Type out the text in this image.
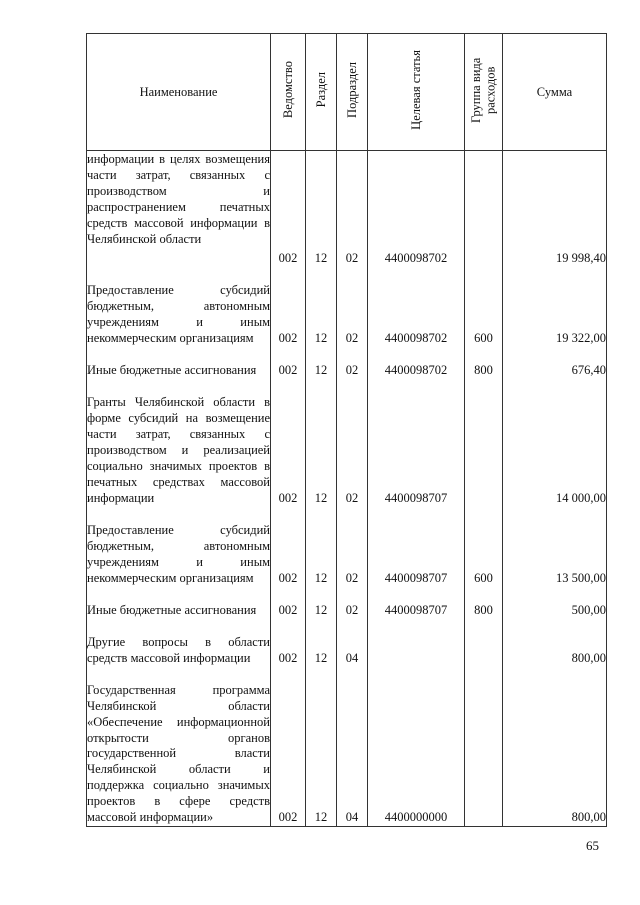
Наименование	Ведомство	Раздел	Подраздел	Целевая статья	Группа вида расходов	Сумма
информации в целях возмещения части затрат, связанных с производством и распространением печатных средств массовой информации в Челябинской области	002	12	02	4400098702		19 998,40
Предоставление субсидий бюджетным, автономным учреждениям и иным некоммерческим организациям	002	12	02	4400098702	600	19 322,00
Иные бюджетные ассигнования	002	12	02	4400098702	800	676,40
Гранты Челябинской области в форме субсидий на возмещение части затрат, связанных с производством и реализацией социально значимых проектов в печатных средствах массовой информации	002	12	02	4400098707		14 000,00
Предоставление субсидий бюджетным, автономным учреждениям и иным некоммерческим организациям	002	12	02	4400098707	600	13 500,00
Иные бюджетные ассигнования	002	12	02	4400098707	800	500,00
Другие вопросы в области средств массовой информации	002	12	04			800,00
Государственная программа Челябинской области «Обеспечение информационной открытости органов государственной власти Челябинской области и поддержка социально значимых проектов в сфере средств массовой информации»	002	12	04	4400000000		800,00
65
